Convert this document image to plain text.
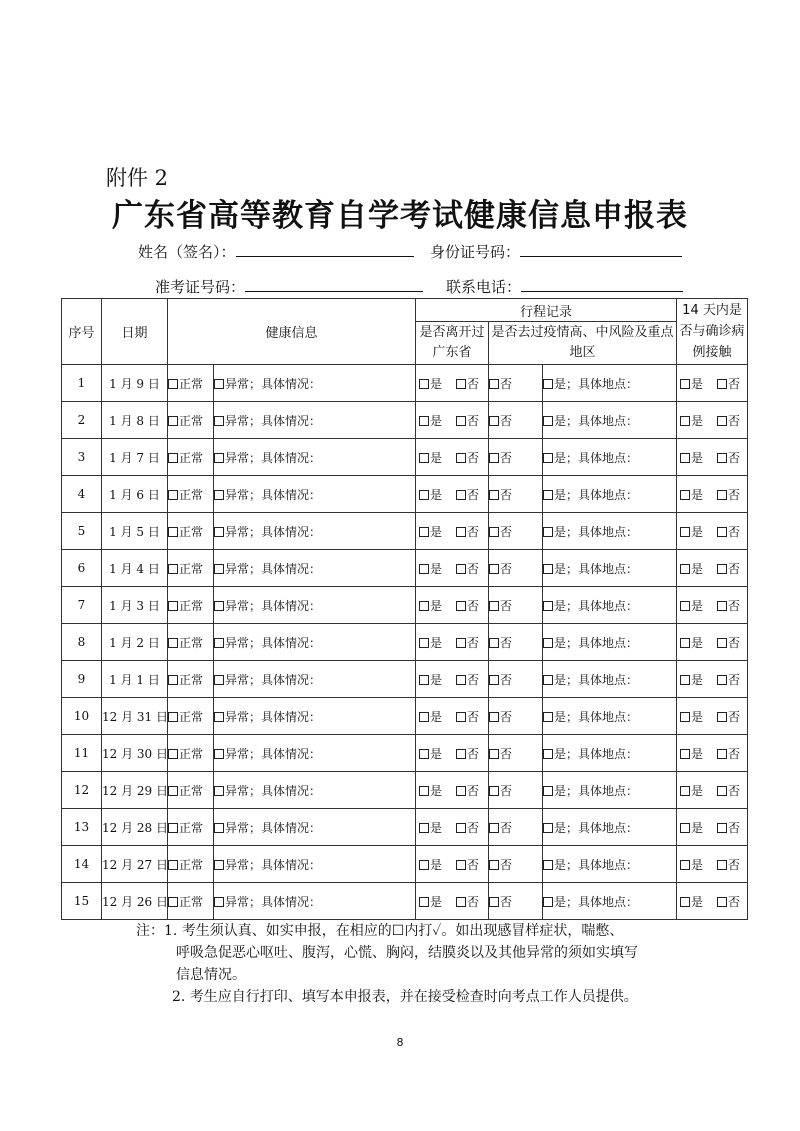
附件 2
广东省高等教育自学考试健康信息申报表
姓名（签名）：	身份证号码：
准考证号码：	联系电话：
序号	日期	健康信息		行程记录			14 天内是否与确诊病例接触
				是否离开过广东省	是否去过疫情高、中风险及重点地区		
1	1 月 9 日	正常	异常；具体情况：	是 否	否	是；具体地点：	是 否
2	1 月 8 日	正常	异常；具体情况：	是 否	否	是；具体地点：	是 否
3	1 月 7 日	正常	异常；具体情况：	是 否	否	是；具体地点：	是 否
4	1 月 6 日	正常	异常；具体情况：	是 否	否	是；具体地点：	是 否
5	1 月 5 日	正常	异常；具体情况：	是 否	否	是；具体地点：	是 否
6	1 月 4 日	正常	异常；具体情况：	是 否	否	是；具体地点：	是 否
7	1 月 3 日	正常	异常；具体情况：	是 否	否	是；具体地点：	是 否
8	1 月 2 日	正常	异常；具体情况：	是 否	否	是；具体地点：	是 否
9	1 月 1 日	正常	异常；具体情况：	是 否	否	是；具体地点：	是 否
10	12 月 31 日	正常	异常；具体情况：	是 否	否	是；具体地点：	是 否
11	12 月 30 日	正常	异常；具体情况：	是 否	否	是；具体地点：	是 否
12	12 月 29 日	正常	异常；具体情况：	是 否	否	是；具体地点：	是 否
13	12 月 28 日	正常	异常；具体情况：	是 否	否	是；具体地点：	是 否
14	12 月 27 日	正常	异常；具体情况：	是 否	否	是；具体地点：	是 否
15	12 月 26 日	正常	异常；具体情况：	是 否	否	是；具体地点：	是 否
注：1. 考生须认真、如实申报，在相应的☐内打✓。如出现感冒样症状，喘憋、
呼吸急促恶心呕吐、腹泻，心慌、胸闷，结膜炎以及其他异常的须如实填写
信息情况。
2. 考生应自行打印、填写本申报表，并在接受检查时向考点工作人员提供。
8
